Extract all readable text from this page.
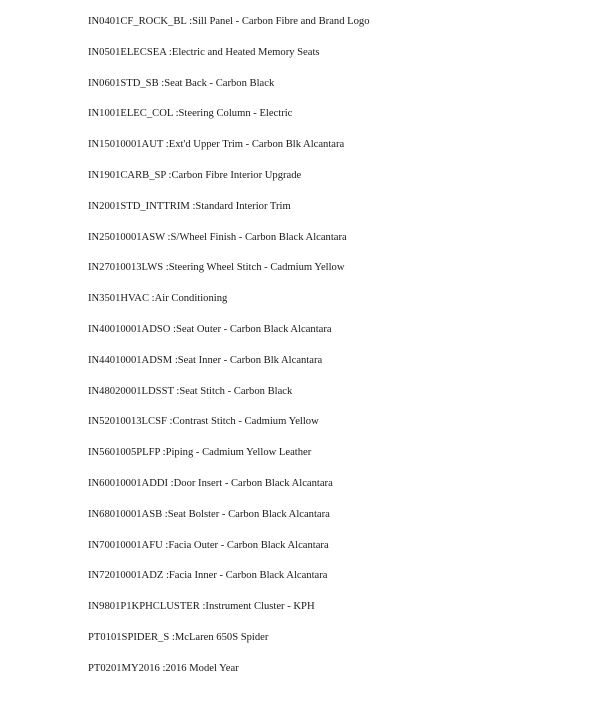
IN0401CF_ROCK_BL :Sill Panel - Carbon Fibre and Brand Logo
IN0501ELECSEA :Electric and Heated Memory Seats
IN0601STD_SB :Seat Back - Carbon Black
IN1001ELEC_COL :Steering Column - Electric
IN15010001AUT :Ext'd Upper Trim - Carbon Blk Alcantara
IN1901CARB_SP :Carbon Fibre Interior Upgrade
IN2001STD_INTTRIM :Standard Interior Trim
IN25010001ASW :S/Wheel Finish - Carbon Black Alcantara
IN27010013LWS :Steering Wheel Stitch - Cadmium Yellow
IN3501HVAC :Air Conditioning
IN40010001ADSO :Seat Outer - Carbon Black Alcantara
IN44010001ADSM :Seat Inner - Carbon Blk Alcantara
IN48020001LDSST :Seat Stitch - Carbon Black
IN52010013LCSF :Contrast Stitch - Cadmium Yellow
IN5601005PLFP :Piping - Cadmium Yellow Leather
IN60010001ADDI :Door Insert - Carbon Black Alcantara
IN68010001ASB :Seat Bolster - Carbon Black Alcantara
IN70010001AFU :Facia Outer - Carbon Black Alcantara
IN72010001ADZ :Facia Inner - Carbon Black Alcantara
IN9801P1KPHCLUSTER :Instrument Cluster - KPH
PT0101SPIDER_S :McLaren 650S Spider
PT0201MY2016 :2016 Model Year
